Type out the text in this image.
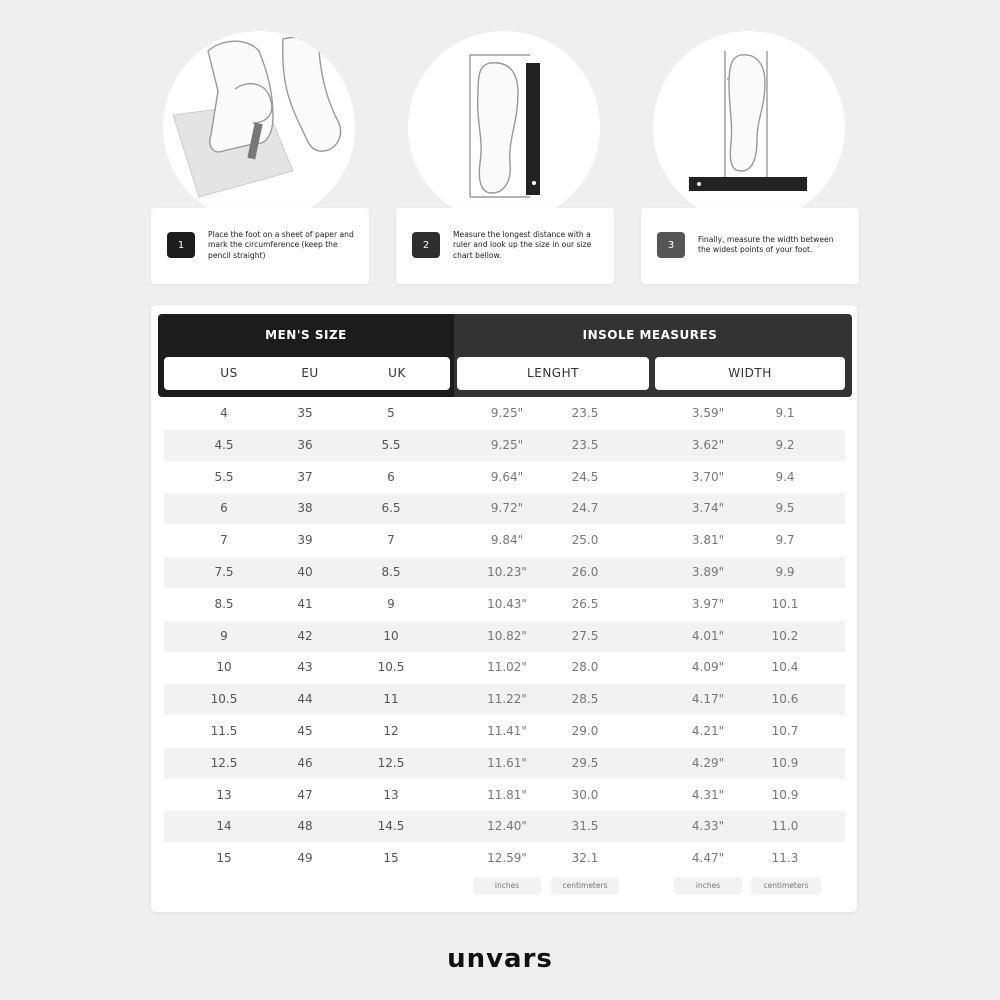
1
Place the foot on a sheet of paper and mark the circumference (keep the pencil straight)
2
Measure the longest distance with a ruler and look up the size in our size chart bellow.
3	Finally, measure the width between the widest points of your foot.
MEN'S SIZE
US	EU	UK
INSOLE MEASURES
LENGHT	WIDTH
4	35	5	9.25"	23.5	3.59"	9.1
4.5	36	5.5	9.25"	23.5	3.62"	9.2
5.5	37	6	9.64"	24.5	3.70"	9.4
6	38	6.5	9.72"	24.7	3.74"	9.5
7	39	7	9.84"	25.0	3.81"	9.7
7.5	40	8.5	10.23"	26.0	3.89"	9.9
8.5	41	9	10.43"	26.5	3.97"	10.1
9	42	10	10.82"	27.5	4.01"	10.2
10	43	10.5	11.02"	28.0	4.09"	10.4
10.5	44	11	11.22"	28.5	4.17"	10.6
11.5	45	12	11.41"	29.0	4.21"	10.7
12.5	46	12.5	11.61"	29.5	4.29"	10.9
13	47	13	11.81"	30.0	4.31"	10.9
14	48	14.5	12.40"	31.5	4.33"	11.0
15	49	15	12.59"	32.1	4.47"	11.3
inches	centimeters	inches	centimeters
unvars
